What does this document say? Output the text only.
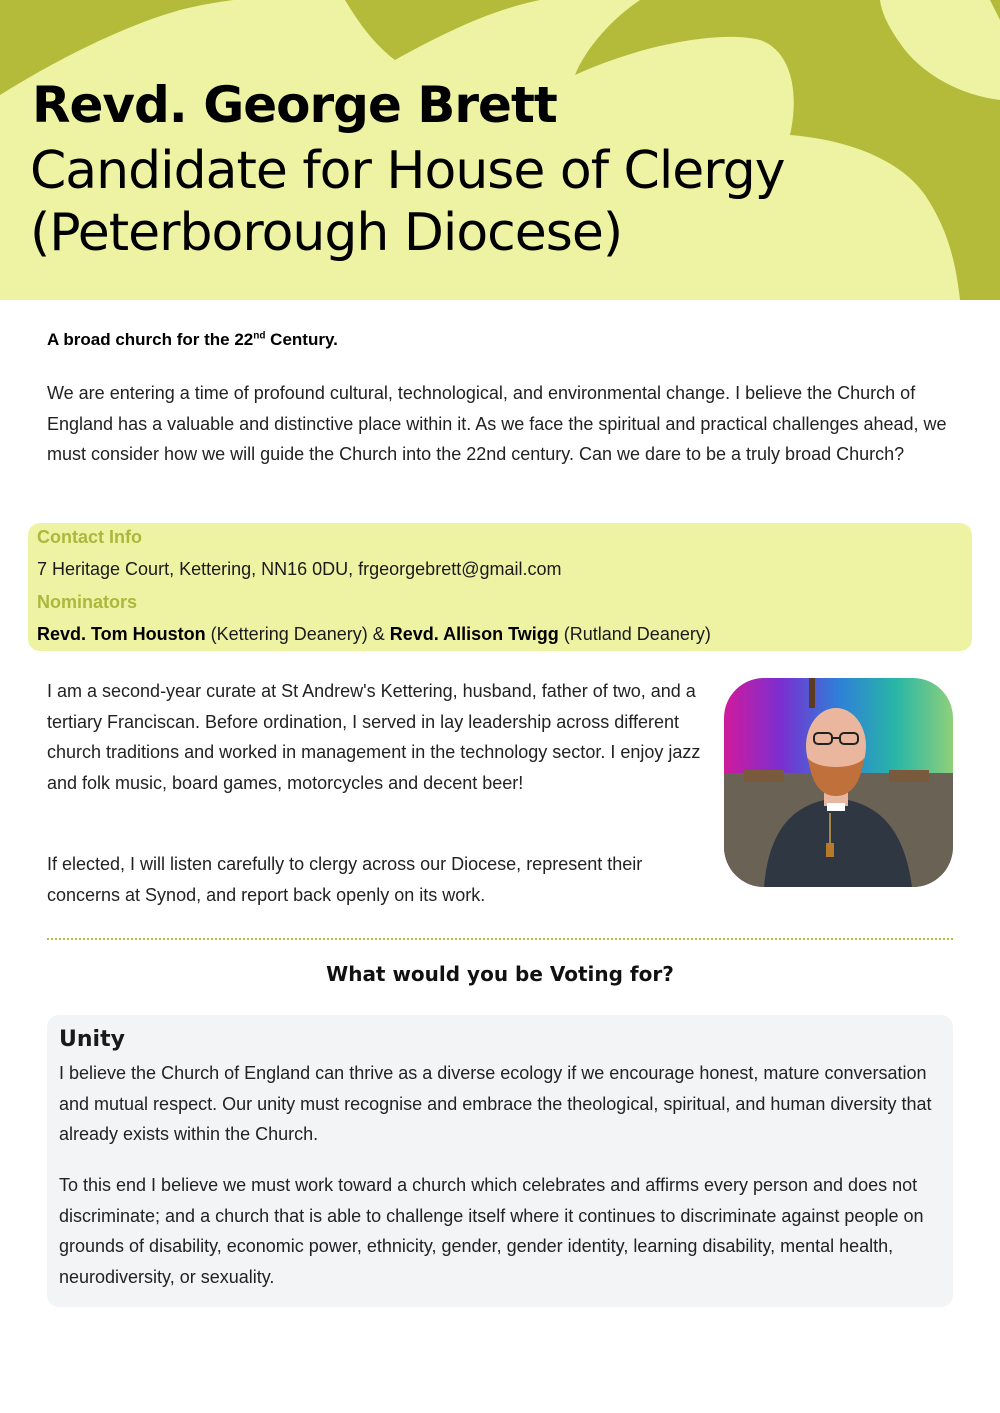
Revd. George Brett
Candidate for House of Clergy
(Peterborough Diocese)

A broad church for the 22nd Century.

We are entering a time of profound cultural, technological, and environmental change. I believe the Church of England has a valuable and distinctive place within it. As we face the spiritual and practical challenges ahead, we must consider how we will guide the Church into the 22nd century. Can we dare to be a truly broad Church?

Contact Info

7 Heritage Court, Kettering, NN16 0DU, frgeorgebrett@gmail.com

Nominators

Revd. Tom Houston (Kettering Deanery) & Revd. Allison Twigg (Rutland Deanery)

I am a second-year curate at St Andrew's Kettering, husband, father of two, and a tertiary Franciscan. Before ordination, I served in lay leadership across different church traditions and worked in management in the technology sector. I enjoy jazz and folk music, board games, motorcycles and decent beer!

If elected, I will listen carefully to clergy across our Diocese, represent their concerns at Synod, and report back openly on its work.

What would you be Voting for?
Unity

I believe the Church of England can thrive as a diverse ecology if we encourage honest, mature conversation and mutual respect. Our unity must recognise and embrace the theological, spiritual, and human diversity that already exists within the Church.

To this end I believe we must work toward a church which celebrates and affirms every person and does not discriminate; and a church that is able to challenge itself where it continues to discriminate against people on grounds of disability, economic power, ethnicity, gender, gender identity, learning disability, mental health, neurodiversity, or sexuality.
